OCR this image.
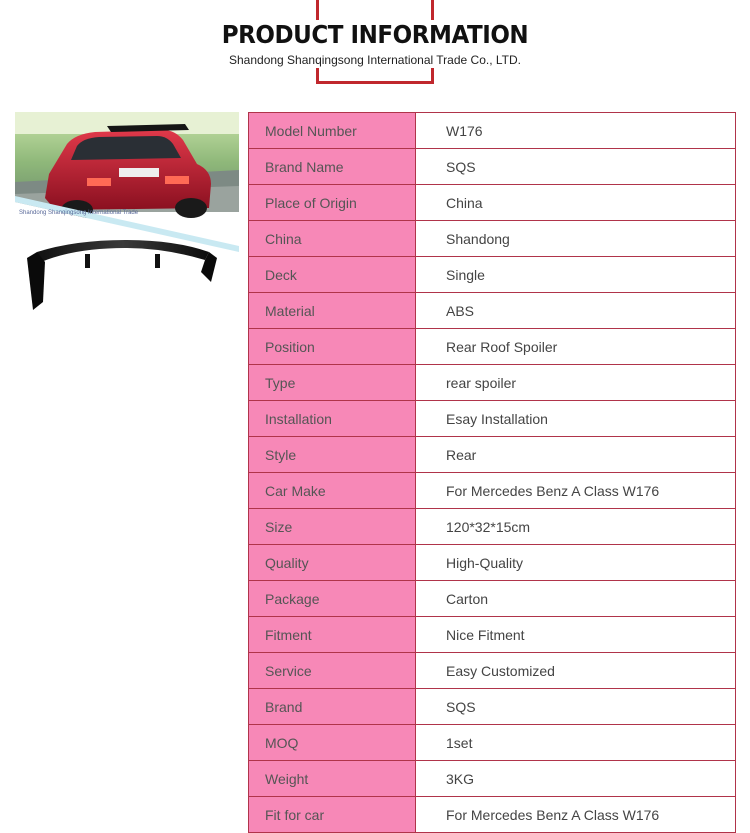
PRODUCT INFORMATION
Shandong Shanqingsong International Trade Co., LTD.
Shandong Shanqingsong International Trade
Model Number	W176
Brand Name	SQS
Place of Origin	China
China	Shandong
Deck	Single
Material	ABS
Position	Rear Roof Spoiler
Type	rear spoiler
Installation	Esay Installation
Style	Rear
Car Make	For Mercedes Benz A Class W176
Size	120*32*15cm
Quality	High-Quality
Package	Carton
Fitment	Nice Fitment
Service	Easy Customized
Brand	SQS
MOQ	1set
Weight	3KG
Fit for car	For Mercedes Benz A Class W176
